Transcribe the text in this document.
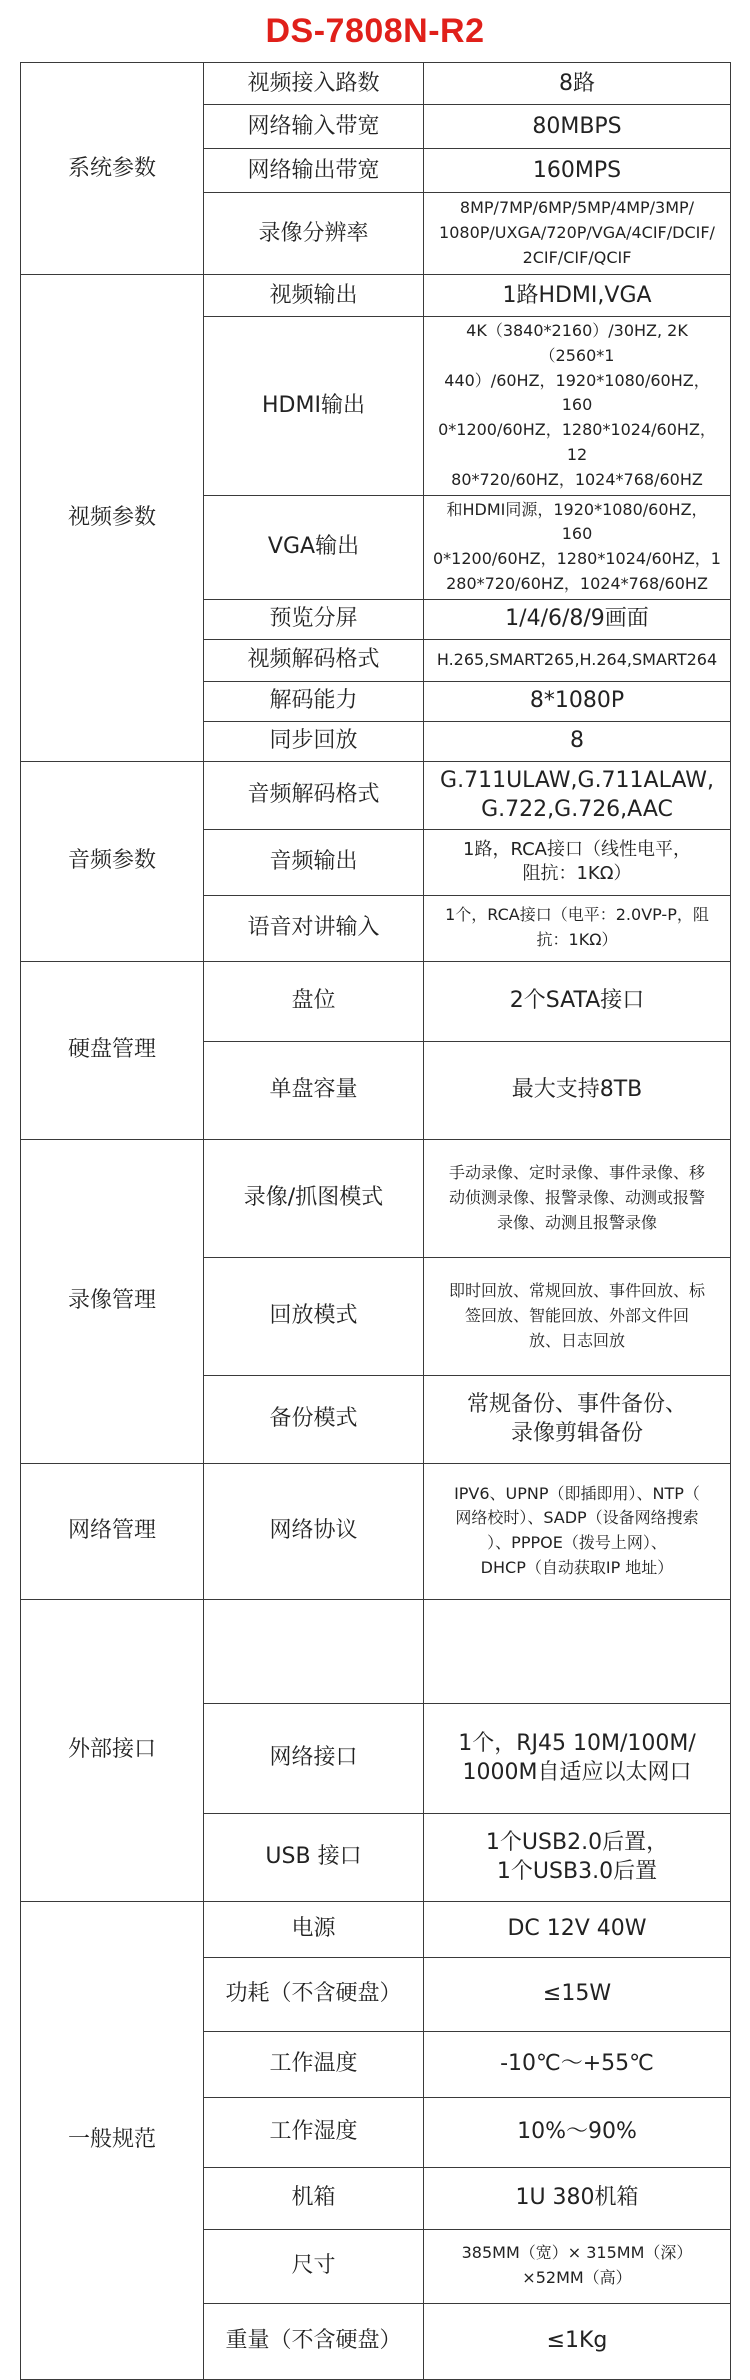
DS-7808N-R2
系统参数	视频接入路数	8路
	网络输入带宽	80MBPS
	网络输出带宽	160MPS
	录像分辨率	8MP/7MP/6MP/5MP/4MP/3MP/
1080P/UXGA/720P/VGA/4CIF/DCIF/
2CIF/CIF/QCIF
视频参数	视频输出	1路HDMI,VGA
	HDMI输出	4K（3840*2160）/30HZ, 2K（2560*1
440）/60HZ，1920*1080/60HZ，160
0*1200/60HZ，1280*1024/60HZ，12
80*720/60HZ，1024*768/60HZ
	VGA输出	和HDMI同源，1920*1080/60HZ，160
0*1200/60HZ，1280*1024/60HZ，1
280*720/60HZ，1024*768/60HZ
	预览分屏	1/4/6/8/9画面
	视频解码格式	H.265,SMART265,H.264,SMART264
	解码能力	8*1080P
	同步回放	8
音频参数	音频解码格式	G.711ULAW,G.711ALAW,
G.722,G.726,AAC
	音频输出	1路，RCA接口（线性电平，
阻抗：1KΩ）
	语音对讲输入	1个，RCA接口（电平：2.0VP-P，阻
抗：1KΩ）
硬盘管理	盘位	2个SATA接口
	单盘容量	最大支持8TB
录像管理	录像/抓图模式	手动录像、定时录像、事件录像、移
动侦测录像、报警录像、动测或报警
录像、动测且报警录像
	回放模式	即时回放、常规回放、事件回放、标
签回放、智能回放、外部文件回
放、日志回放
	备份模式	常规备份、事件备份、
录像剪辑备份
网络管理	网络协议	IPV6、UPNP（即插即用）、NTP（
网络校时）、SADP（设备网络搜索
）、PPPOE（拨号上网）、
DHCP（自动获取IP 地址）
外部接口		
	网络接口	1个，RJ45 10M/100M/
1000M自适应以太网口
	USB 接口	1个USB2.0后置，
1个USB3.0后置
一般规范	电源	DC 12V 40W
	功耗（不含硬盘）	≤15W
	工作温度	-10℃～+55℃
	工作湿度	10%～90%
	机箱	1U 380机箱
	尺寸	385MM（宽）× 315MM（深）
×52MM（高）
	重量（不含硬盘）	≤1Kg
